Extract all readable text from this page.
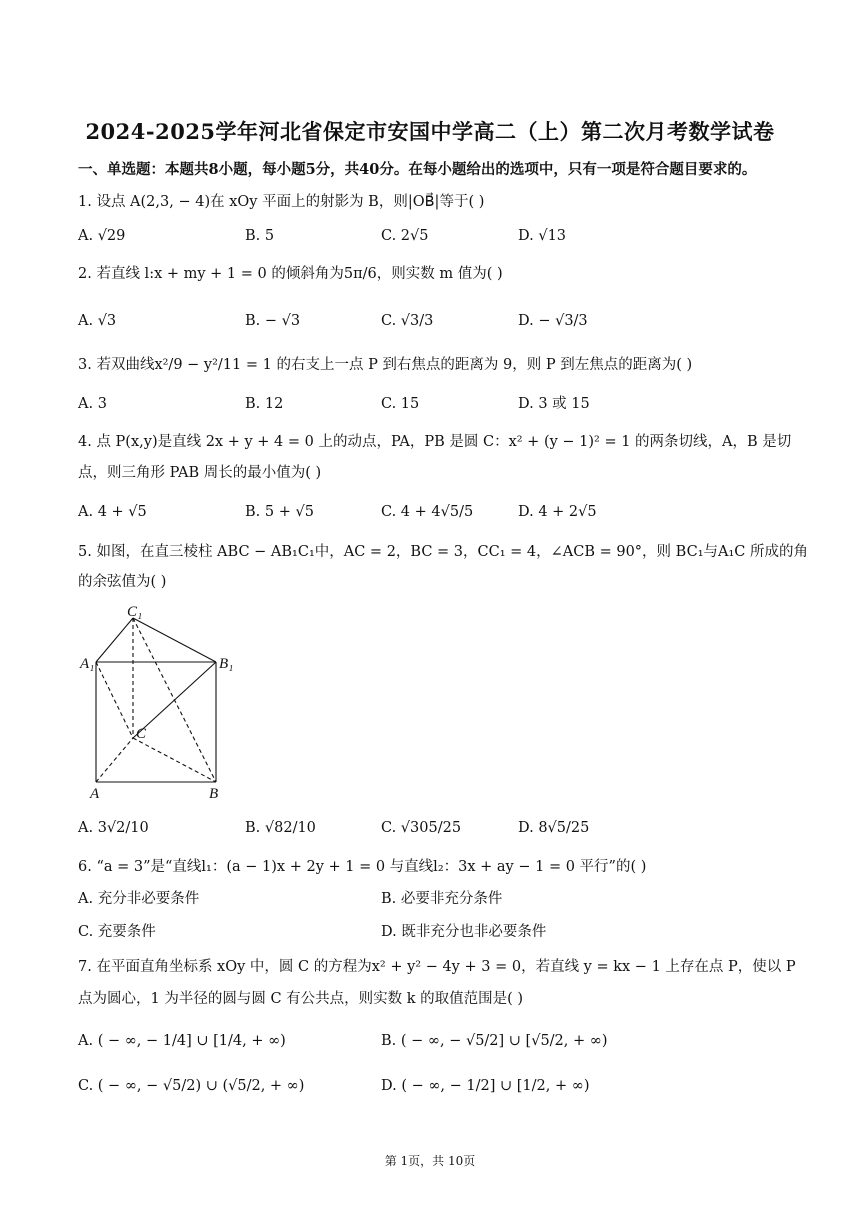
2024-2025学年河北省保定市安国中学高二（上）第二次月考数学试卷
一、单选题：本题共8小题，每小题5分，共40分。在每小题给出的选项中，只有一项是符合题目要求的。
1. 设点 A(2,3, − 4)在 xOy 平面上的射影为 B，则|OB⃗|等于( )
A. √29	B. 5	C. 2√5	D. √13
2. 若直线 l:x + my + 1 = 0 的倾斜角为5π/6，则实数 m 值为( )
A. √3	B. − √3	C. √3/3	D. − √3/3
3. 若双曲线x²/9 − y²/11 = 1 的右支上一点 P 到右焦点的距离为 9，则 P 到左焦点的距离为( )
A. 3	B. 12	C. 15	D. 3 或 15
4. 点 P(x,y)是直线 2x + y + 4 = 0 上的动点，PA，PB 是圆 C：x² + (y − 1)² = 1 的两条切线，A，B 是切
点，则三角形 PAB 周长的最小值为( )
A. 4 + √5	B. 5 + √5	C. 4 + 4√5/5	D. 4 + 2√5
5. 如图，在直三棱柱 ABC − AB₁C₁中，AC = 2，BC = 3，CC₁ = 4，∠ACB = 90°，则 BC₁与A₁C 所成的角
的余弦值为( )
C₁
A₁	B₁
C
A	B
A. 3√2/10	B. √82/10	C. √305/25	D. 8√5/25
6. “a = 3”是“直线l₁：(a − 1)x + 2y + 1 = 0 与直线l₂：3x + ay − 1 = 0 平行”的( )
A. 充分非必要条件	B. 必要非充分条件
C. 充要条件	D. 既非充分也非必要条件
7. 在平面直角坐标系 xOy 中，圆 C 的方程为x² + y² − 4y + 3 = 0，若直线 y = kx − 1 上存在点 P，使以 P
点为圆心，1 为半径的圆与圆 C 有公共点，则实数 k 的取值范围是( )
A. ( − ∞, − 1/4] ∪ [1/4, + ∞)	B. ( − ∞, − √5/2] ∪ [√5/2, + ∞)
C. ( − ∞, − √5/2) ∪ (√5/2, + ∞)	D. ( − ∞, − 1/2] ∪ [1/2, + ∞)
第 1页，共 10页
